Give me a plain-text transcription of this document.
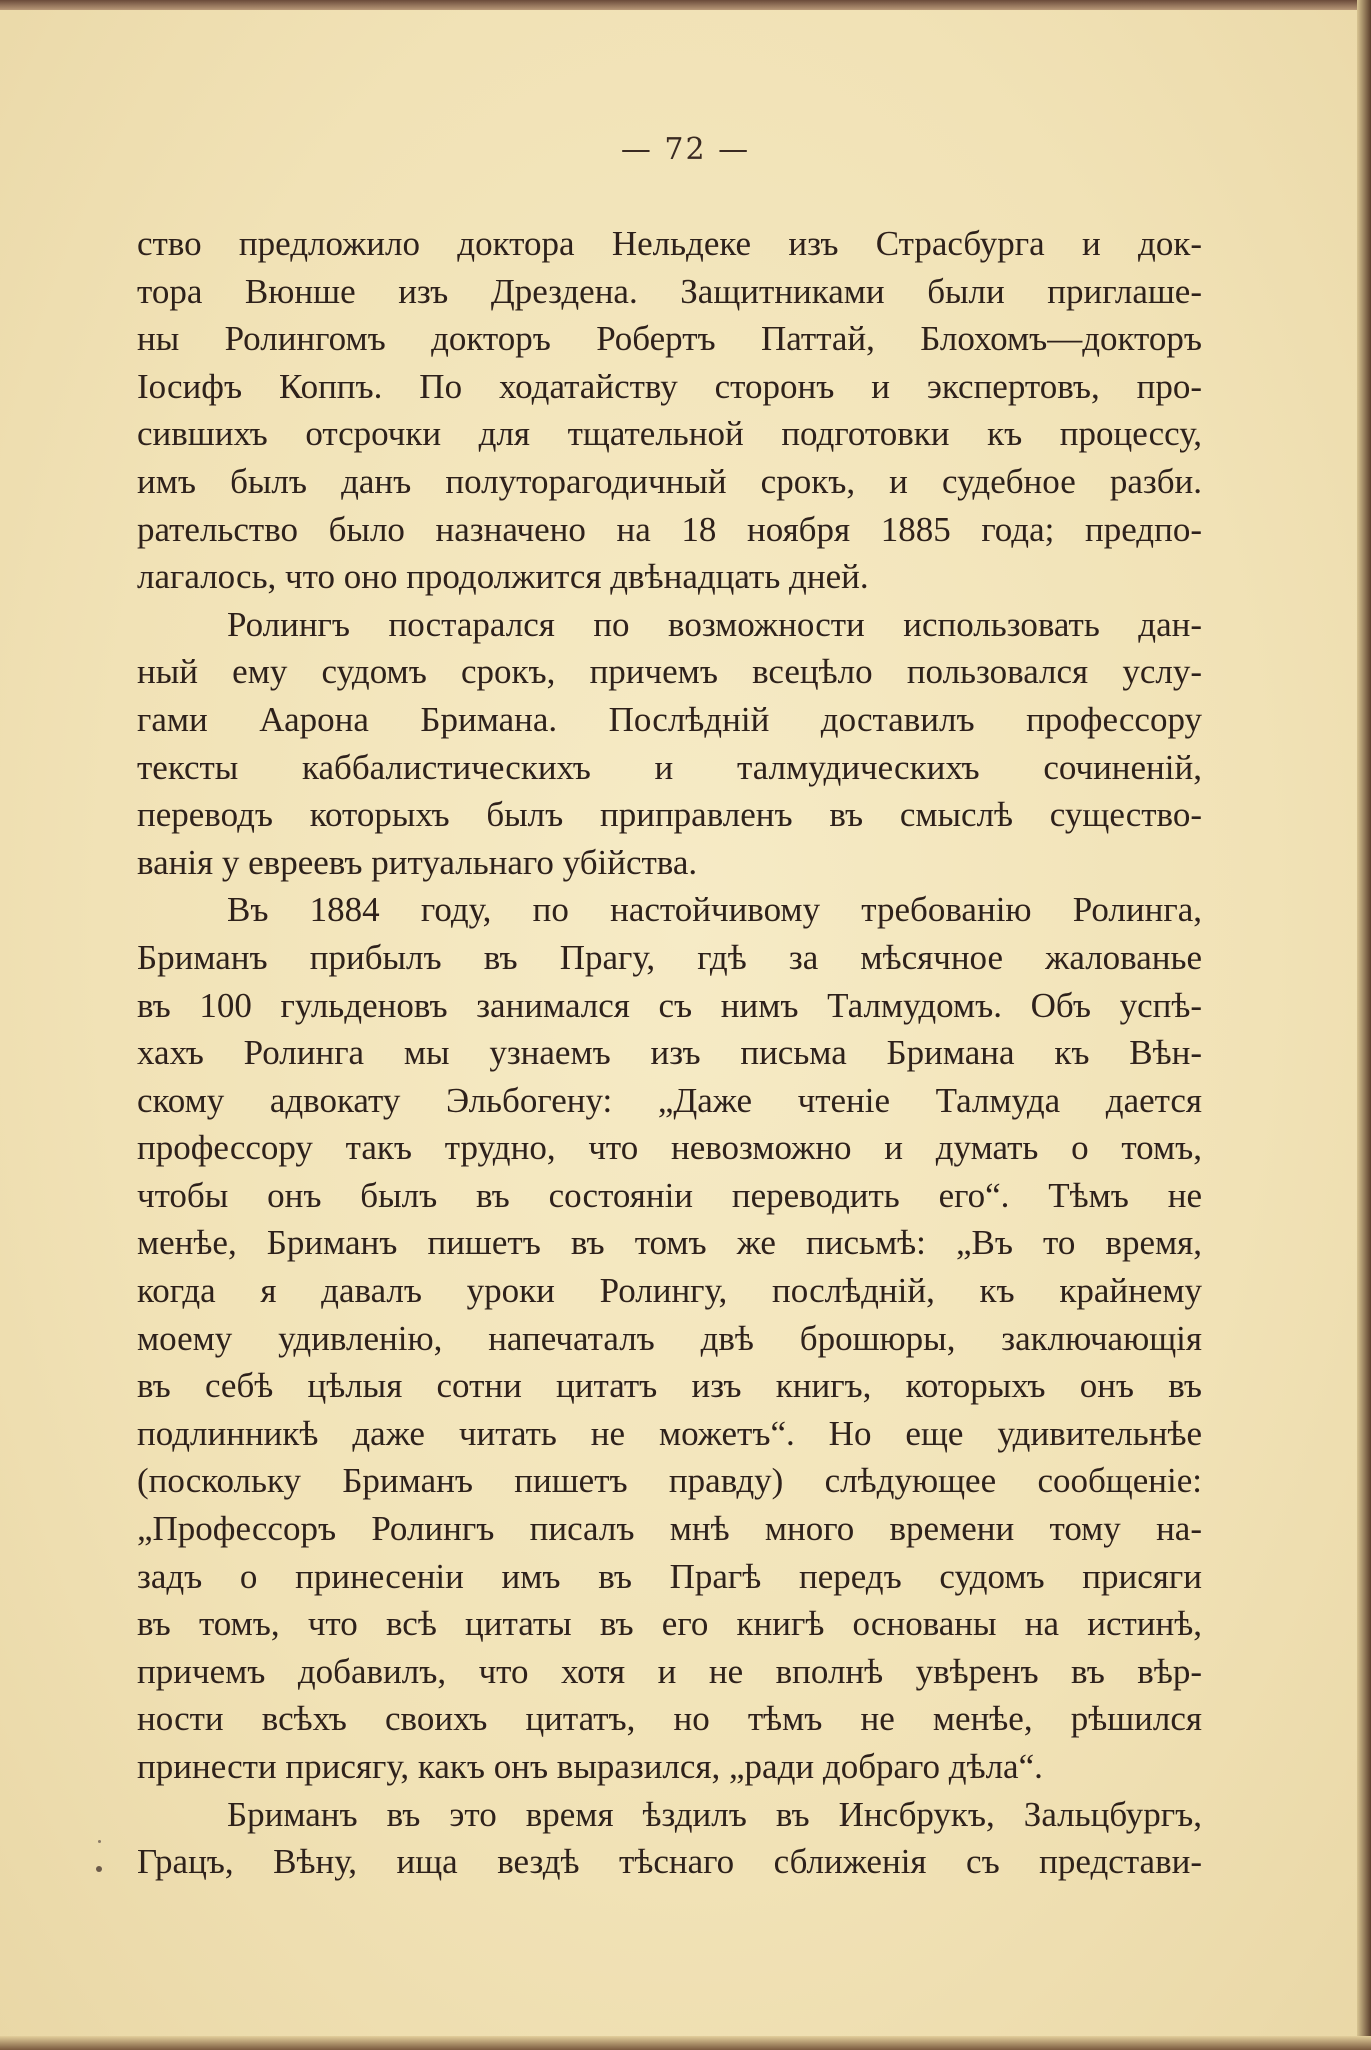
— 72 —
ство предложило доктора Нельдеке изъ Страсбурга и док-
тора Вюнше изъ Дрездена. Защитниками были приглаше-
ны Ролингомъ докторъ Робертъ Паттай, Блохомъ—докторъ
Іосифъ Коппъ. По ходатайству сторонъ и экспертовъ, про-
сившихъ отсрочки для тщательной подготовки къ процессу,
имъ былъ данъ полуторагодичный срокъ, и судебное разби.
рательство было назначено на 18 ноября 1885 года; предпо-
лагалось, что оно продолжится двѣнадцать дней.
Ролингъ постарался по возможности использовать дан-
ный ему судомъ срокъ, причемъ всецѣло пользовался услу-
гами Аарона Бримана. Послѣдній доставилъ профессору
тексты каббалистическихъ и талмудическихъ сочиненій,
переводъ которыхъ былъ приправленъ въ смыслѣ существо-
ванія у евреевъ ритуальнаго убійства.
Въ 1884 году, по настойчивому требованію Ролинга,
Бриманъ прибылъ въ Прагу, гдѣ за мѣсячное жалованье
въ 100 гульденовъ занимался съ нимъ Талмудомъ. Объ успѣ-
хахъ Ролинга мы узнаемъ изъ письма Бримана къ Вѣн-
скому адвокату Эльбогену: „Даже чтеніе Талмуда дается
профессору такъ трудно, что невозможно и думать о томъ,
чтобы онъ былъ въ состояніи переводить его“. Тѣмъ не
менѣе, Бриманъ пишетъ въ томъ же письмѣ: „Въ то время,
когда я давалъ уроки Ролингу, послѣдній, къ крайнему
моему удивленію, напечаталъ двѣ брошюры, заключающія
въ себѣ цѣлыя сотни цитатъ изъ книгъ, которыхъ онъ въ
подлинникѣ даже читать не можетъ“. Но еще удивительнѣе
(поскольку Бриманъ пишетъ правду) слѣдующее сообщеніе:
„Профессоръ Ролингъ писалъ мнѣ много времени тому на-
задъ о принесеніи имъ въ Прагѣ передъ судомъ присяги
въ томъ, что всѣ цитаты въ его книгѣ основаны на истинѣ,
причемъ добавилъ, что хотя и не вполнѣ увѣренъ въ вѣр-
ности всѣхъ своихъ цитатъ, но тѣмъ не менѣе, рѣшился
принести присягу, какъ онъ выразился, „ради добраго дѣла“.
Бриманъ въ это время ѣздилъ въ Инсбрукъ, Зальцбургъ,
Грацъ, Вѣну, ища вездѣ тѣснаго сближенія съ представи-
